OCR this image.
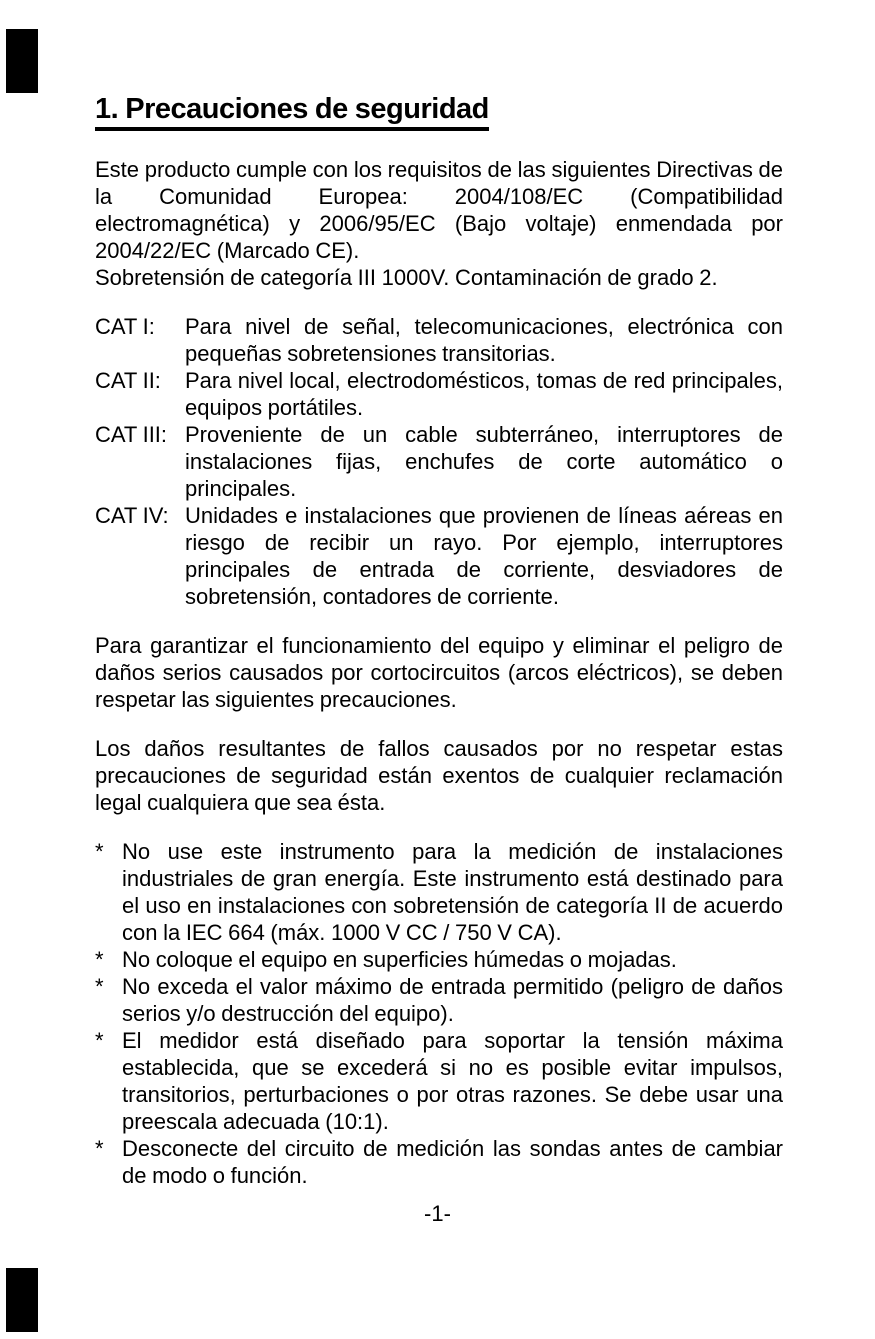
1. Precauciones de seguridad

Este producto cumple con los requisitos de las siguientes Directivas de la Comunidad Europea: 2004/108/EC (Compatibilidad electromagnética) y 2006/95/EC (Bajo voltaje) enmendada por 2004/22/EC (Marcado CE).

Sobretensión de categoría III 1000V. Contaminación de grado 2.

CAT I:	Para nivel de señal, telecomunicaciones, electrónica con pequeñas sobretensiones transitorias.
CAT II:	Para nivel local, electrodomésticos, tomas de red principales, equipos portátiles.
CAT III: Proveniente de un cable subterráneo, interruptores de instalaciones fijas, enchufes de corte automático o principales.
CAT IV: Unidades e instalaciones que provienen de líneas aéreas en riesgo de recibir un rayo. Por ejemplo, interruptores principales de entrada de corriente, desviadores de sobretensión, contadores de corriente.

Para garantizar el funcionamiento del equipo y eliminar el peligro de daños serios causados por cortocircuitos (arcos eléctricos), se deben respetar las siguientes precauciones.

Los daños resultantes de fallos causados por no respetar estas precauciones de seguridad están exentos de cualquier reclamación legal cualquiera que sea ésta.

* No use este instrumento para la medición de instalaciones industriales de gran energía. Este instrumento está destinado para el uso en instalaciones con sobretensión de categoría II de acuerdo con la IEC 664 (máx. 1000 V CC / 750 V CA).
* No coloque el equipo en superficies húmedas o mojadas.
* No exceda el valor máximo de entrada permitido (peligro de daños serios y/o destrucción del equipo).
* El medidor está diseñado para soportar la tensión máxima establecida, que se excederá si no es posible evitar impulsos, transitorios, perturbaciones o por otras razones. Se debe usar una preescala adecuada (10:1).
* Desconecte del circuito de medición las sondas antes de cambiar de modo o función.
-1-
